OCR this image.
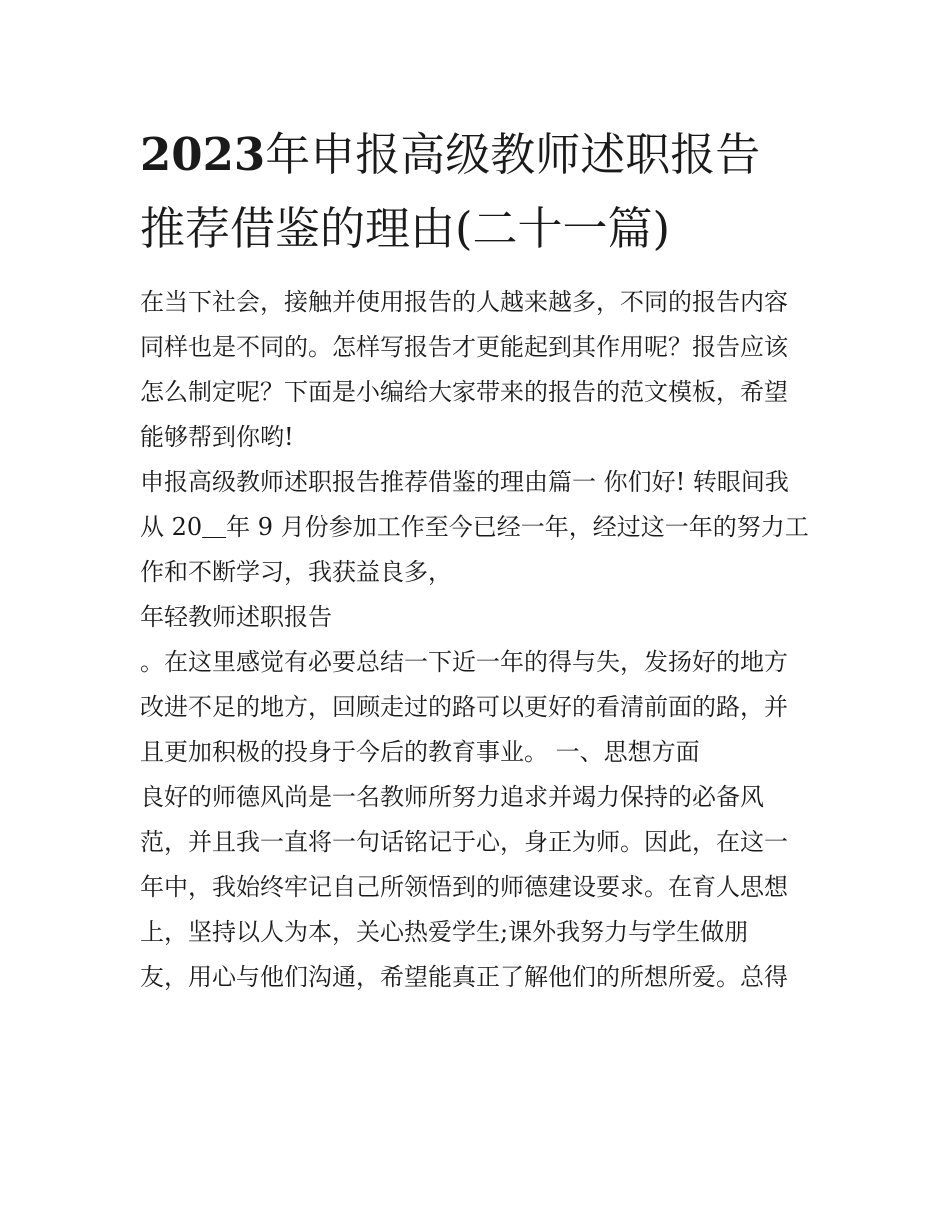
2023年申报高级教师述职报告
推荐借鉴的理由(二十一篇)
在当下社会，接触并使用报告的人越来越多，不同的报告内容
同样也是不同的。怎样写报告才更能起到其作用呢？报告应该
怎么制定呢？下面是小编给大家带来的报告的范文模板，希望
能够帮到你哟!
申报高级教师述职报告推荐借鉴的理由篇一 你们好! 转眼间我
从 20＿年 9 月份参加工作至今已经一年，经过这一年的努力工
作和不断学习，我获益良多，
年轻教师述职报告
。在这里感觉有必要总结一下近一年的得与失，发扬好的地方
改进不足的地方，回顾走过的路可以更好的看清前面的路，并
且更加积极的投身于今后的教育事业。 一、思想方面
良好的师德风尚是一名教师所努力追求并竭力保持的必备风
范，并且我一直将一句话铭记于心，身正为师。因此，在这一
年中，我始终牢记自己所领悟到的师德建设要求。在育人思想
上，坚持以人为本，关心热爱学生;课外我努力与学生做朋
友，用心与他们沟通，希望能真正了解他们的所想所爱。总得
